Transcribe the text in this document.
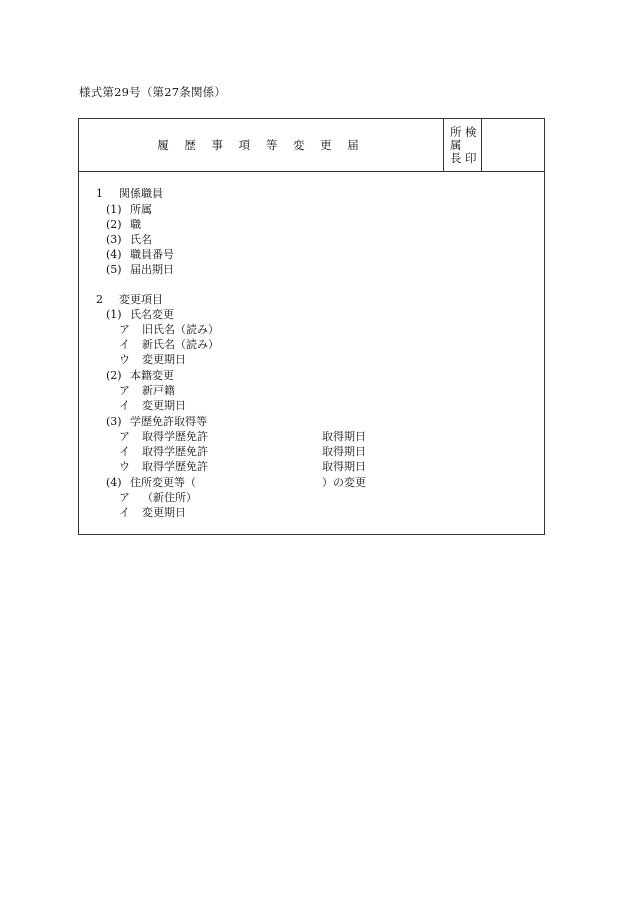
様式第29号（第27条関係）
履 歴 事 項 等 変 更 届
所
属
長
検
印
1 関係職員
(1) 所属
(2) 職
(3) 氏名
(4) 職員番号
(5) 届出期日
2 変更項目
(1) 氏名変更
ア 旧氏名（読み）
イ 新氏名（読み）
ウ 変更期日
(2) 本籍変更
ア 新戸籍
イ 変更期日
(3) 学歴免許取得等
ア 取得学歴免許	取得期日
イ 取得学歴免許	取得期日
ウ 取得学歴免許	取得期日
(4) 住所変更等（	）の変更
ア （新住所）
イ 変更期日
